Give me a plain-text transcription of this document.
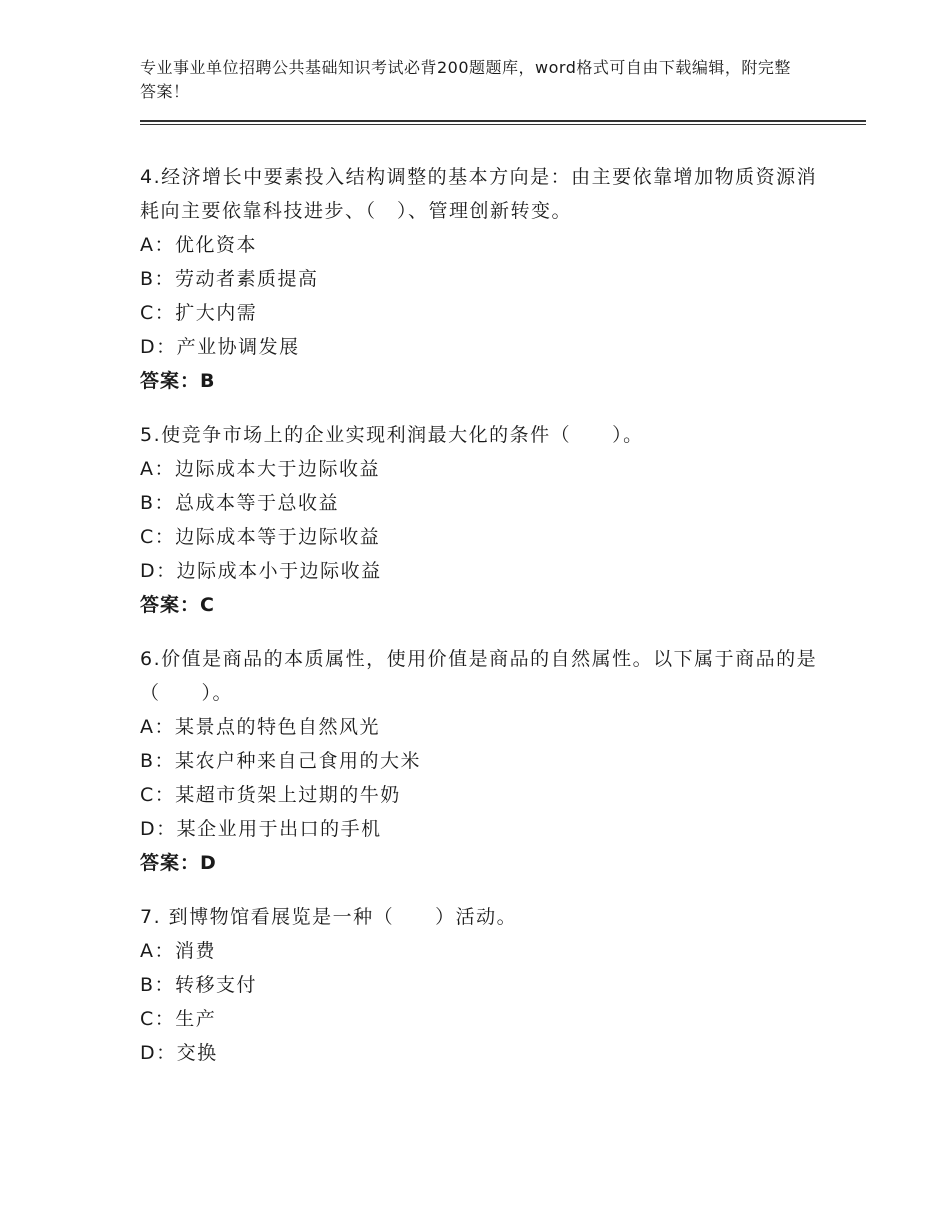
专业事业单位招聘公共基础知识考试必背200题题库，word格式可自由下载编辑，附完整答案！
4.经济增长中要素投入结构调整的基本方向是：由主要依靠增加物质资源消耗向主要依靠科技进步、（　）、管理创新转变。
A：优化资本
B：劳动者素质提高
C：扩大内需
D：产业协调发展
答案：B
5.使竞争市场上的企业实现利润最大化的条件（　　）。
A：边际成本大于边际收益
B：总成本等于总收益
C：边际成本等于边际收益
D：边际成本小于边际收益
答案：C
6.价值是商品的本质属性，使用价值是商品的自然属性。以下属于商品的是（　　）。
A：某景点的特色自然风光
B：某农户种来自己食用的大米
C：某超市货架上过期的牛奶
D：某企业用于出口的手机
答案：D
7. 到博物馆看展览是一种（　　）活动。
A：消费
B：转移支付
C：生产
D：交换
